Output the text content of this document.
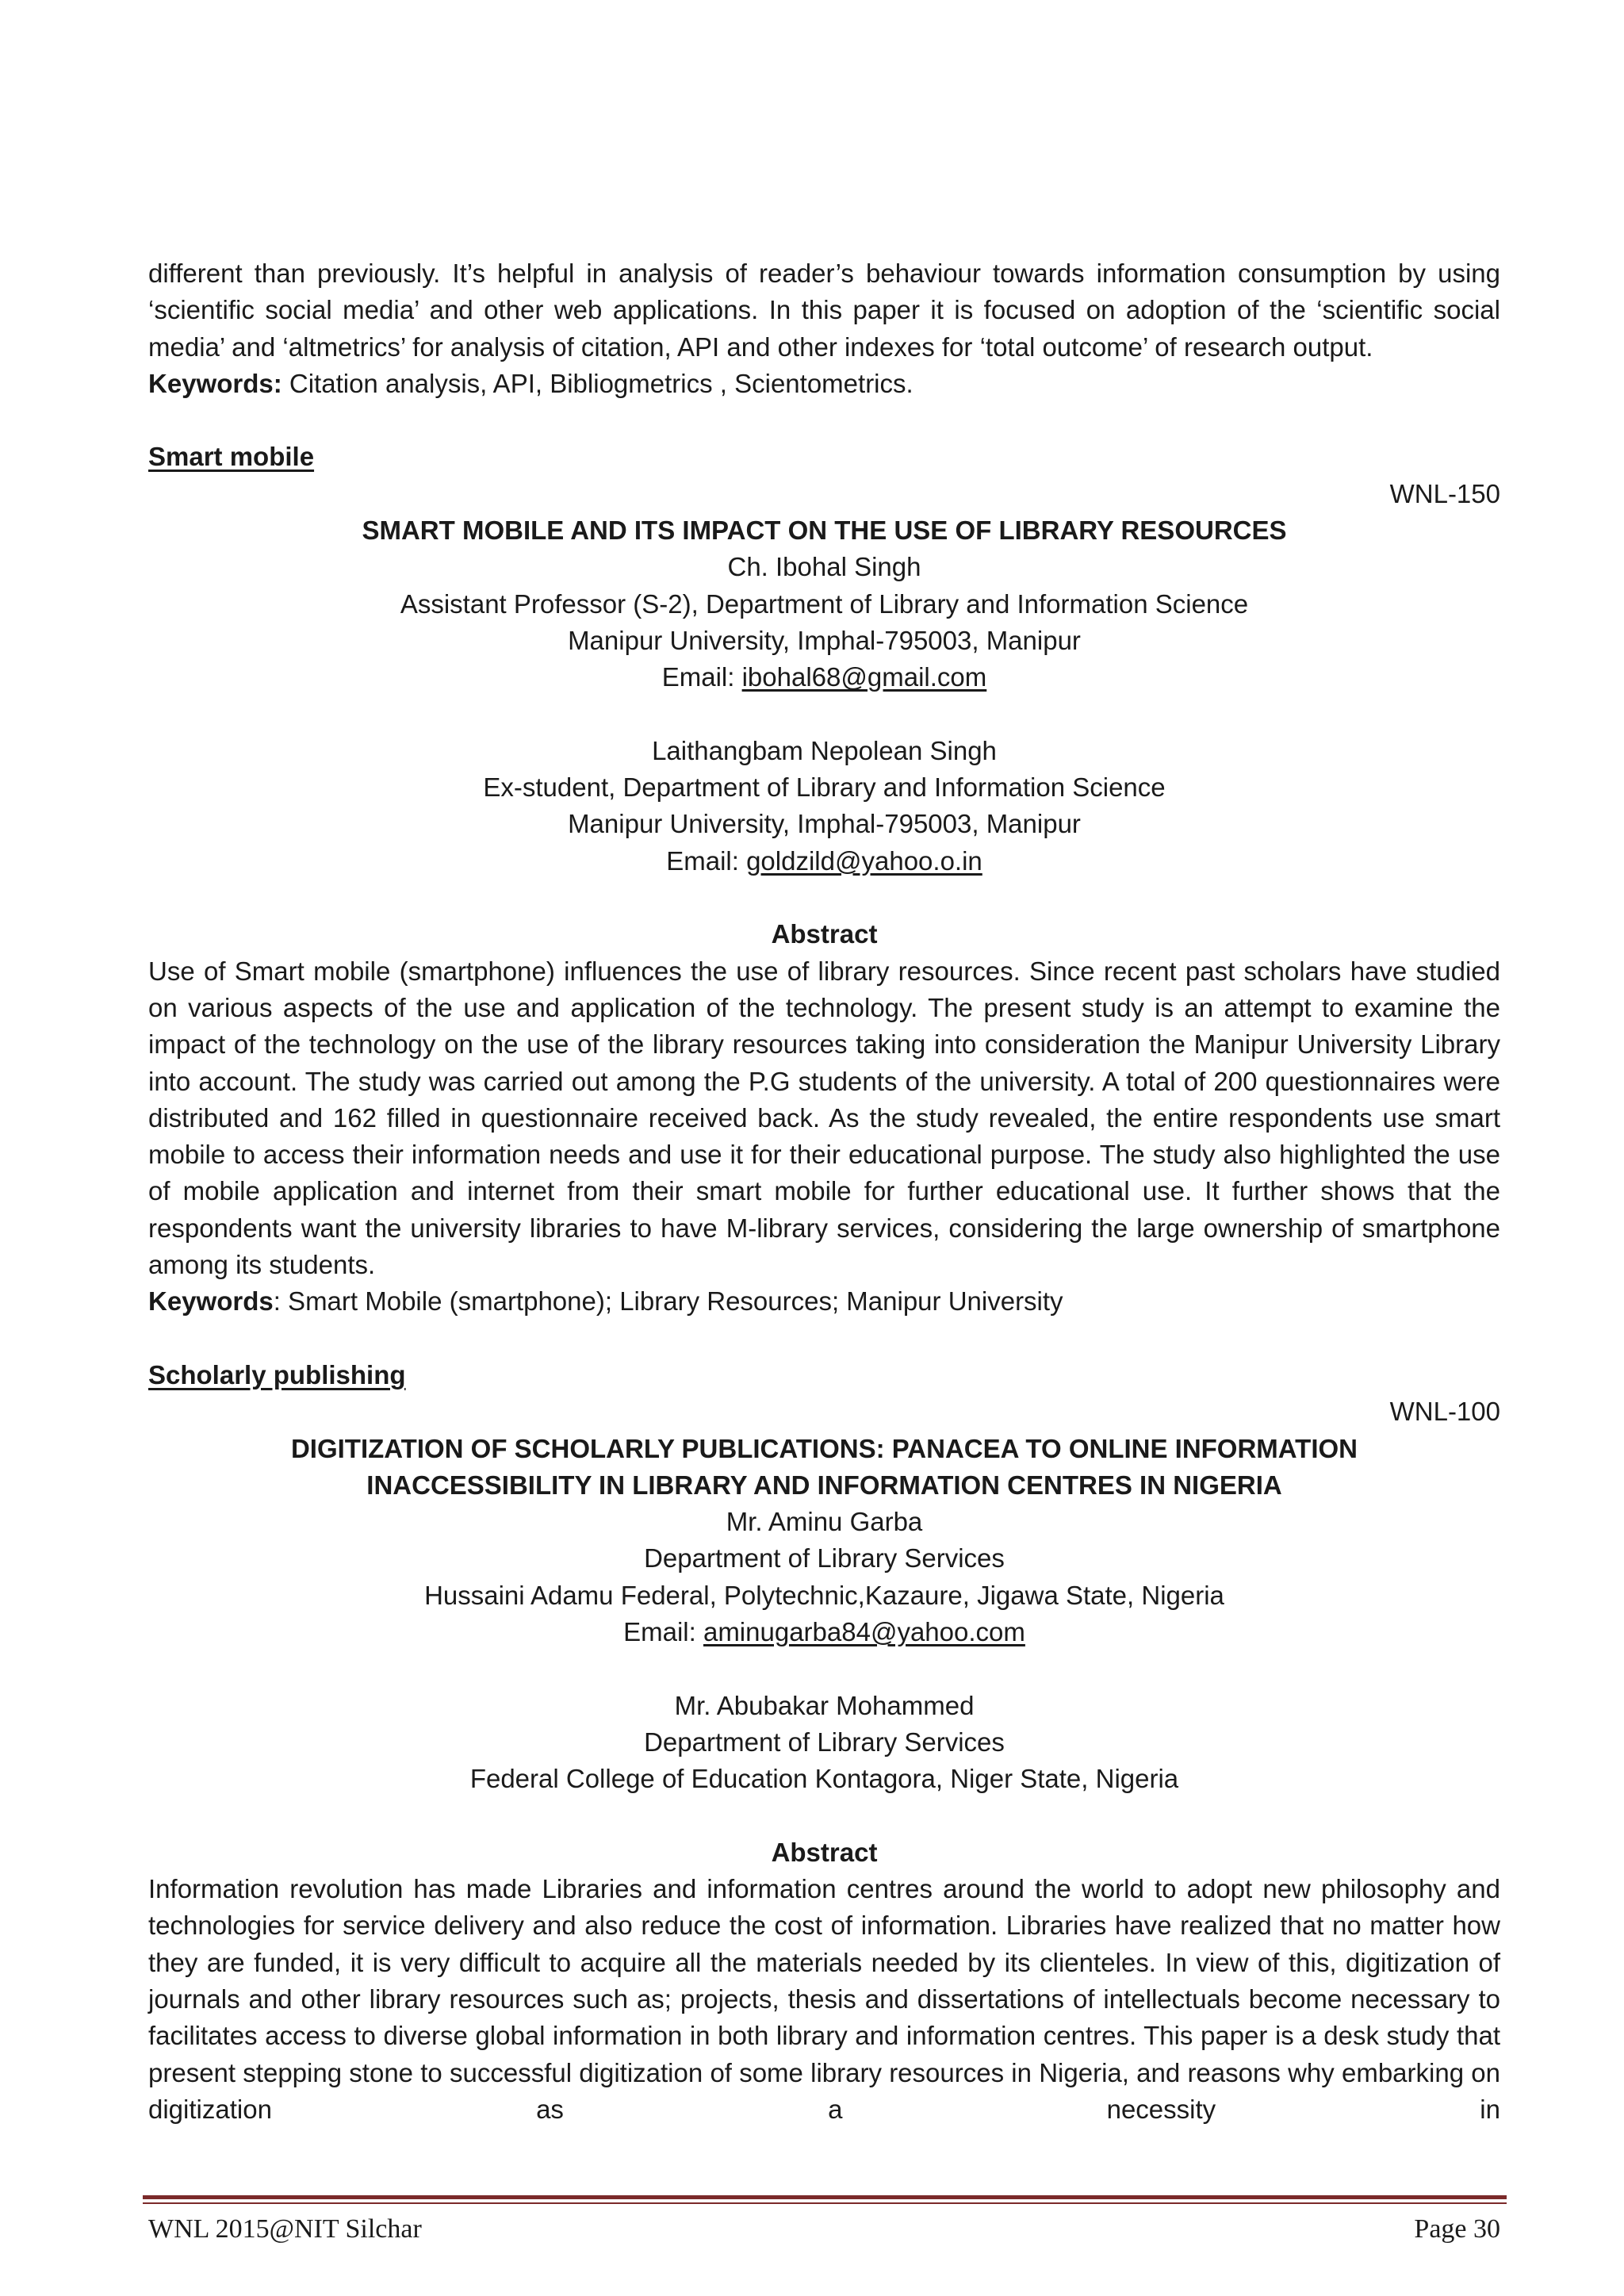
different than previously. It’s helpful in analysis of reader’s behaviour towards information consumption by using ‘scientific social media’ and other web applications. In this paper it is focused on adoption of the ‘scientific social media’ and ‘altmetrics’ for analysis of citation, API and other indexes for ‘total outcome’ of research output.

Keywords: Citation analysis, API, Bibliogmetrics , Scientometrics.

Smart mobile

WNL-150

SMART MOBILE AND ITS IMPACT ON THE USE OF LIBRARY RESOURCES

Ch. Ibohal Singh

Assistant Professor (S-2), Department of Library and Information Science

Manipur University, Imphal-795003, Manipur

Email: ibohal68@gmail.com

Laithangbam Nepolean Singh

Ex-student, Department of Library and Information Science

Manipur University, Imphal-795003, Manipur

Email: goldzild@yahoo.o.in

Abstract

Use of Smart mobile (smartphone) influences the use of library resources. Since recent past scholars have studied on various aspects of the use and application of the technology. The present study is an attempt to examine the impact of the technology on the use of the library resources taking into consideration the Manipur University Library into account. The study was carried out among the P.G students of the university. A total of 200 questionnaires were distributed and 162 filled in questionnaire received back. As the study revealed, the entire respondents use smart mobile to access their information needs and use it for their educational purpose. The study also highlighted the use of mobile application and internet from their smart mobile for further educational use. It further shows that the respondents want the university libraries to have M-library services, considering the large ownership of smartphone among its students.

Keywords: Smart Mobile (smartphone); Library Resources; Manipur University

Scholarly publishing

WNL-100

DIGITIZATION OF SCHOLARLY PUBLICATIONS: PANACEA TO ONLINE INFORMATION

INACCESSIBILITY IN LIBRARY AND INFORMATION CENTRES IN NIGERIA

Mr. Aminu Garba

Department of Library Services

Hussaini Adamu Federal, Polytechnic,Kazaure, Jigawa State, Nigeria

Email: aminugarba84@yahoo.com

Mr. Abubakar Mohammed

Department of Library Services

Federal College of Education Kontagora, Niger State, Nigeria

Abstract

Information revolution has made Libraries and information centres around the world to adopt new philosophy and technologies for service delivery and also reduce the cost of information. Libraries have realized that no matter how they are funded, it is very difficult to acquire all the materials needed by its clienteles. In view of this, digitization of journals and other library resources such as; projects, thesis and dissertations of intellectuals become necessary to facilitates access to diverse global information in both library and information centres. This paper is a desk study that present stepping stone to successful digitization of some library resources in Nigeria, and reasons why embarking on digitization as a necessity in

WNL 2015@NIT Silchar	Page 30
